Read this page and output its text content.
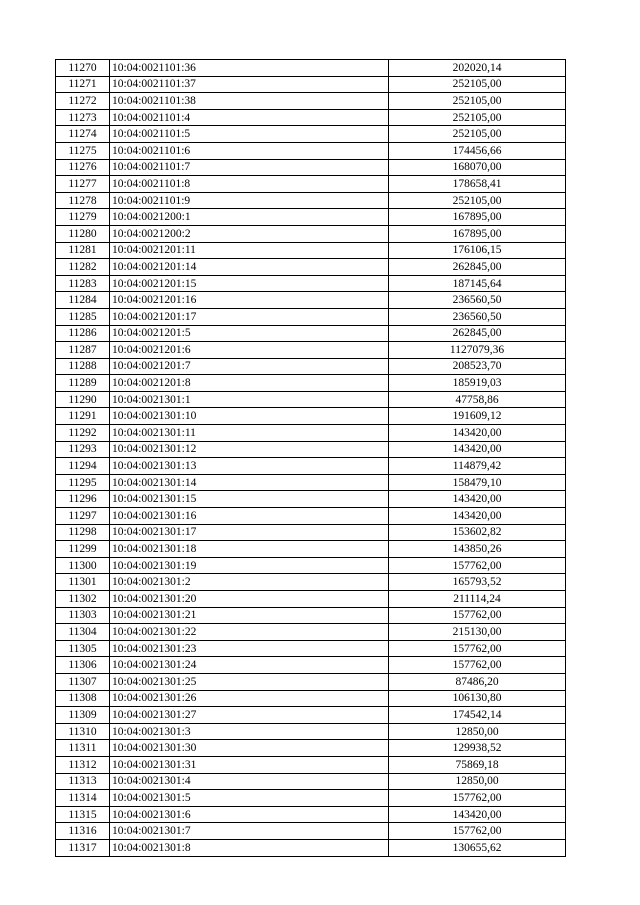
11270	10:04:0021101:36	202020,14
11271	10:04:0021101:37	252105,00
11272	10:04:0021101:38	252105,00
11273	10:04:0021101:4	252105,00
11274	10:04:0021101:5	252105,00
11275	10:04:0021101:6	174456,66
11276	10:04:0021101:7	168070,00
11277	10:04:0021101:8	178658,41
11278	10:04:0021101:9	252105,00
11279	10:04:0021200:1	167895,00
11280	10:04:0021200:2	167895,00
11281	10:04:0021201:11	176106,15
11282	10:04:0021201:14	262845,00
11283	10:04:0021201:15	187145,64
11284	10:04:0021201:16	236560,50
11285	10:04:0021201:17	236560,50
11286	10:04:0021201:5	262845,00
11287	10:04:0021201:6	1127079,36
11288	10:04:0021201:7	208523,70
11289	10:04:0021201:8	185919,03
11290	10:04:0021301:1	47758,86
11291	10:04:0021301:10	191609,12
11292	10:04:0021301:11	143420,00
11293	10:04:0021301:12	143420,00
11294	10:04:0021301:13	114879,42
11295	10:04:0021301:14	158479,10
11296	10:04:0021301:15	143420,00
11297	10:04:0021301:16	143420,00
11298	10:04:0021301:17	153602,82
11299	10:04:0021301:18	143850,26
11300	10:04:0021301:19	157762,00
11301	10:04:0021301:2	165793,52
11302	10:04:0021301:20	211114,24
11303	10:04:0021301:21	157762,00
11304	10:04:0021301:22	215130,00
11305	10:04:0021301:23	157762,00
11306	10:04:0021301:24	157762,00
11307	10:04:0021301:25	87486,20
11308	10:04:0021301:26	106130,80
11309	10:04:0021301:27	174542,14
11310	10:04:0021301:3	12850,00
11311	10:04:0021301:30	129938,52
11312	10:04:0021301:31	75869,18
11313	10:04:0021301:4	12850,00
11314	10:04:0021301:5	157762,00
11315	10:04:0021301:6	143420,00
11316	10:04:0021301:7	157762,00
11317	10:04:0021301:8	130655,62
